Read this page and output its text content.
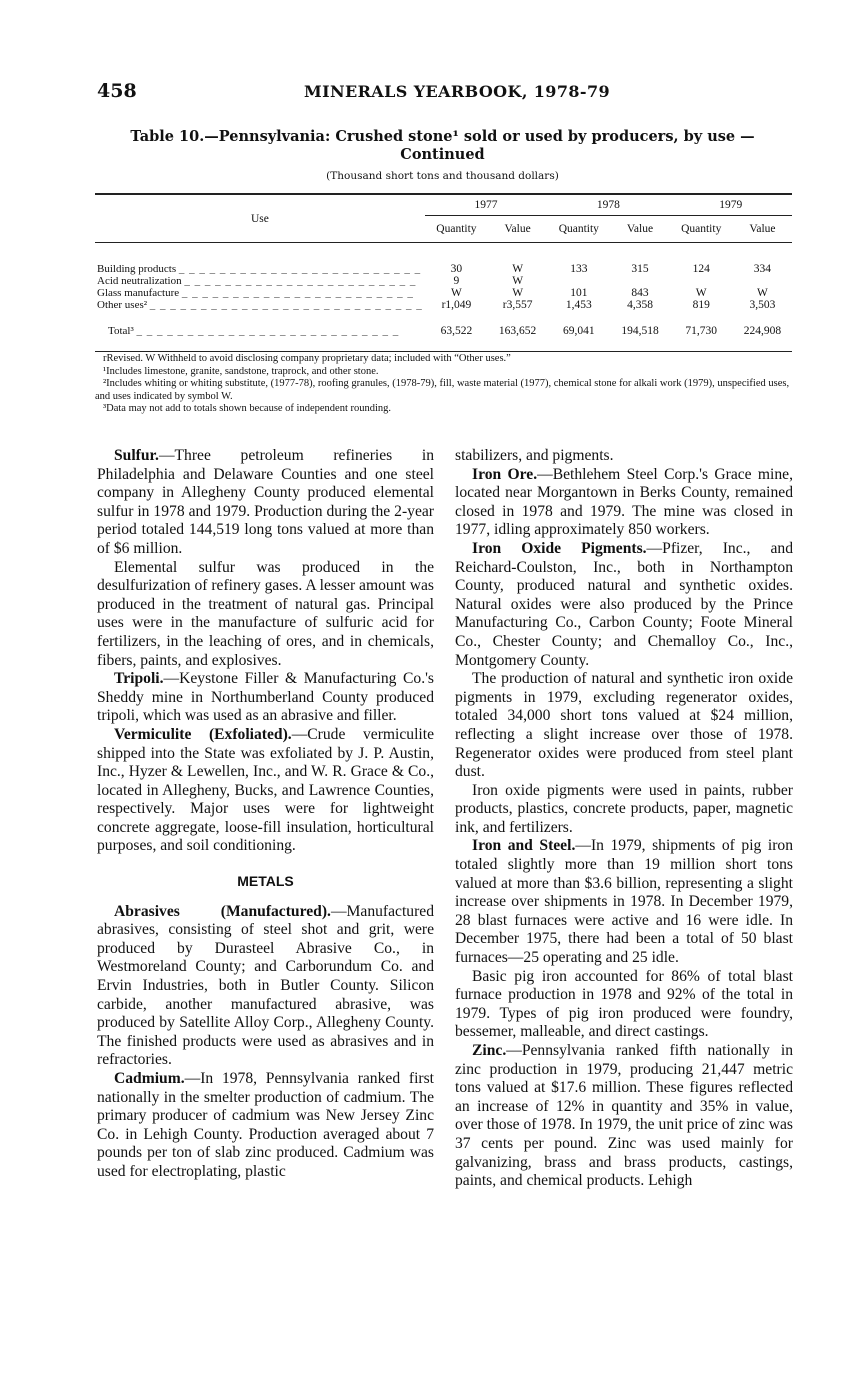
458	MINERALS YEARBOOK, 1978-79
Table 10.—Pennsylvania: Crushed stone¹ sold or used by producers, by use —Continued
(Thousand short tons and thousand dollars)
Use	1977		1978		1979	
	Quantity	Value	Quantity	Value	Quantity	Value

Building products _ _ _ _ _ _ _ _ _ _ _ _ _ _ _ _ _ _ _ _ _ _ _ _	30	W	133	315	124	334
Acid neutralization _ _ _ _ _ _ _ _ _ _ _ _ _ _ _ _ _ _ _ _ _ _ _	9	W				
Glass manufacture _ _ _ _ _ _ _ _ _ _ _ _ _ _ _ _ _ _ _ _ _ _ _	W	W	101	843	W	W
Other uses² _ _ _ _ _ _ _ _ _ _ _ _ _ _ _ _ _ _ _ _ _ _ _ _ _ _ _	r1,049	r3,557	1,453	4,358	819	3,503
Total³ _ _ _ _ _ _ _ _ _ _ _ _ _ _ _ _ _ _ _ _ _ _ _ _ _ _	63,522	163,652	69,041	194,518	71,730	224,908

rRevised. W Withheld to avoid disclosing company proprietary data; included with “Other uses.”

¹Includes limestone, granite, sandstone, traprock, and other stone.

²Includes whiting or whiting substitute, (1977-78), roofing granules, (1978-79), fill, waste material (1977), chemical stone for alkali work (1979), unspecified uses, and uses indicated by symbol W.

³Data may not add to totals shown because of independent rounding.

Sulfur.—Three petroleum refineries in Philadelphia and Delaware Counties and one steel company in Allegheny County produced elemental sulfur in 1978 and 1979. Production during the 2-year period totaled 144,519 long tons valued at more than of $6 million.

Elemental sulfur was produced in the desulfurization of refinery gases. A lesser amount was produced in the treatment of natural gas. Principal uses were in the manufacture of sulfuric acid for fertilizers, in the leaching of ores, and in chemicals, fibers, paints, and explosives.

Tripoli.—Keystone Filler & Manufacturing Co.'s Sheddy mine in Northumberland County produced tripoli, which was used as an abrasive and filler.

Vermiculite (Exfoliated).—Crude vermiculite shipped into the State was exfoliated by J. P. Austin, Inc., Hyzer & Lewellen, Inc., and W. R. Grace & Co., located in Allegheny, Bucks, and Lawrence Counties, respectively. Major uses were for lightweight concrete aggregate, loose-fill insulation, horticultural purposes, and soil conditioning.

METALS

Abrasives (Manufactured).—Manufactured abrasives, consisting of steel shot and grit, were produced by Durasteel Abrasive Co., in Westmoreland County; and Carborundum Co. and Ervin Industries, both in Butler County. Silicon carbide, another manufactured abrasive, was produced by Satellite Alloy Corp., Allegheny County. The finished products were used as abrasives and in refractories.

Cadmium.—In 1978, Pennsylvania ranked first nationally in the smelter production of cadmium. The primary producer of cadmium was New Jersey Zinc Co. in Lehigh County. Production averaged about 7 pounds per ton of slab zinc produced. Cadmium was used for electroplating, plastic

stabilizers, and pigments.

Iron Ore.—Bethlehem Steel Corp.'s Grace mine, located near Morgantown in Berks County, remained closed in 1978 and 1979. The mine was closed in 1977, idling approximately 850 workers.

Iron Oxide Pigments.—Pfizer, Inc., and Reichard-Coulston, Inc., both in Northampton County, produced natural and synthetic oxides. Natural oxides were also produced by the Prince Manufacturing Co., Carbon County; Foote Mineral Co., Chester County; and Chemalloy Co., Inc., Montgomery County.

The production of natural and synthetic iron oxide pigments in 1979, excluding regenerator oxides, totaled 34,000 short tons valued at $24 million, reflecting a slight increase over those of 1978. Regenerator oxides were produced from steel plant dust.

Iron oxide pigments were used in paints, rubber products, plastics, concrete products, paper, magnetic ink, and fertilizers.

Iron and Steel.—In 1979, shipments of pig iron totaled slightly more than 19 million short tons valued at more than $3.6 billion, representing a slight increase over shipments in 1978. In December 1979, 28 blast furnaces were active and 16 were idle. In December 1975, there had been a total of 50 blast furnaces—25 operating and 25 idle.

Basic pig iron accounted for 86% of total blast furnace production in 1978 and 92% of the total in 1979. Types of pig iron produced were foundry, bessemer, malleable, and direct castings.

Zinc.—Pennsylvania ranked fifth nationally in zinc production in 1979, producing 21,447 metric tons valued at $17.6 million. These figures reflected an increase of 12% in quantity and 35% in value, over those of 1978. In 1979, the unit price of zinc was 37 cents per pound. Zinc was used mainly for galvanizing, brass and brass products, castings, paints, and chemical products. Lehigh
